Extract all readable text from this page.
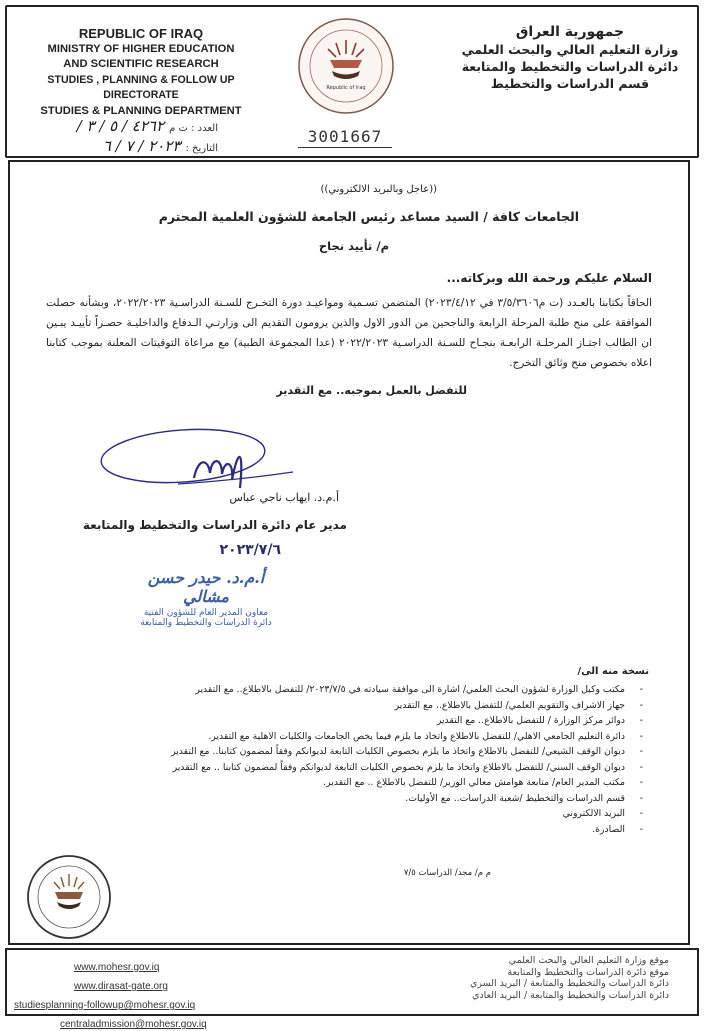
REPUBLIC OF IRAQ
MINISTRY OF HIGHER EDUCATION
AND SCIENTIFIC RESEARCH
STUDIES , PLANNING & FOLLOW UP DIRECTORATE
STUDIES & PLANNING DEPARTMENT
جمهورية العراق
وزارة التعليم العالي والبحث العلمي
دائرة الدراسات والتخطيط والمتابعة
قسم الدراسات والتخطيط
العدد : ت م ٤٢٦٢ / ٥ / ٣ /
التاريخ : ٢٠٢٣ / ٧ / ٦
Republic of Iraq
3001667
((عاجل وبالبريد الالكتروني))
الجامعات كافة / السيد مساعد رئيس الجامعة للشؤون العلمية المحترم
م/ تأييد نجاح
السلام عليكم ورحمة الله وبركاته...
الحاقاً بكتابنا بالعـدد (ت م٣/٥/٣٦٠٦ في ٢٠٢٣/٤/١٢) المتضمن تسـمية ومواعيـد دورة التخـرج للسـنة الدراسـية ٢٠٢٢/٢٠٢٣، وبشأنه حصلت الموافقة على منح طلبة المرحلة الرابعة والناجحين من الدور الاول والذين يرومون التقديم الى وزارتـي الـدفاع والداخليـة حصـراً تأييـد يبـين ان الطالب اجتـاز المرحلـة الرابعـة بنجـاح للسـنة الدراسـية ٢٠٢٢/٢٠٢٣ (عدا المجموعة الطبية) مع مراعاة التوقيتات المعلنة بموجب كتابنا اعلاه بخصوص منح وثائق التخرج.
للتفضل بالعمل بموجبه.. مع التقدير
أ.م.د. ايهاب ناجي عباس
مدير عام دائرة الدراسات والتخطيط والمتابعة
٢٠٢٣/٧/٦
أ.م.د. حيدر حسن مشالي
معاون المدير العام للشؤون الفنية
دائرة الدراسات والتخطيط والمتابعة
نسخة منه الى/
-
مكتب وكيل الوزارة لشؤون البحث العلمي/ اشارة الى موافقة سيادته في ٢٠٢٣/٧/٥/ للتفضل بالاطلاع.. مع التقدير
-
جهاز الاشراف والتقويم العلمي/ للتفضل بالاطلاع.. مع التقدير
-
دوائر مركز الوزارة / للتفضل بالاطلاع.. مع التقدير
-
دائرة التعليم الجامعي الاهلي/ للتفضل بالاطلاع واتخاذ ما يلزم فيما يخص الجامعات والكليات الاهلية مع التقدير.
-
ديوان الوقف الشيعي/ للتفضل بالاطلاع واتخاذ ما يلزم بخصوص الكليات التابعة لديوانكم وفقاً لمضمون كتابنا.. مع التقدير
-
ديوان الوقف السني/ للتفضل بالاطلاع واتخاذ ما يلزم بخصوص الكليات التابعة لديوانكم وفقاً لمضمون كتابنا .. مع التقدير
-
مكتب المدير العام/ متابعة هوامش معالي الوزير/ للتفضل بالاطلاع .. مع التقدير.
-
قسم الدراسات والتخطيط /شعبة الدراسات.. مع الأوليات.
-
البريد الالكتروني
-
الصادرة.
م م/ مجد/ الدراسات ٧/٥
www.mohesr.gov.iq
www.dirasat-gate.org
studiesplanning-followup@mohesr.gov.iq
centraladmission@mohesr.gov.iq
موقع وزارة التعليم العالي والبحث العلمي
موقع دائرة الدراسات والتخطيط والمتابعة
دائرة الدراسات والتخطيط والمتابعة / البريد السري
دائرة الدراسات والتخطيط والمتابعة / البريد العادي
